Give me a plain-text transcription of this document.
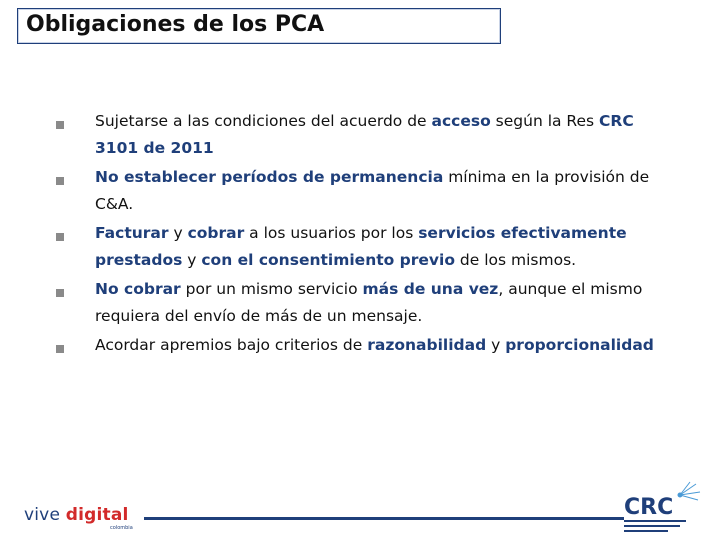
Obligaciones de los PCA
Sujetarse a las condiciones del acuerdo de acceso según la Res CRC 3101 de 2011
No establecer períodos de permanencia mínima en la provisión de C&A.
Facturar y cobrar a los usuarios por los servicios efectivamente prestados y con el consentimiento previo de los mismos.
No cobrar por un mismo servicio más de una vez, aunque el mismo requiera del envío de más de un mensaje.
Acordar apremios bajo criterios de razonabilidad y proporcionalidad
vive digital
colombia
CRC
